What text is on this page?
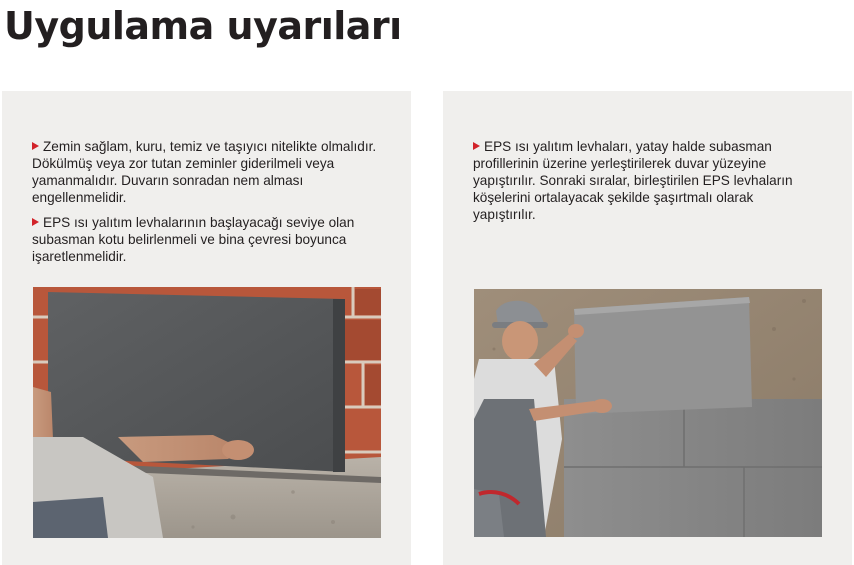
Uygulama uyarıları

Zemin sağlam, kuru, temiz ve taşıyıcı nitelikte olmalıdır. Dökülmüş veya zor tutan zeminler giderilmeli veya yamanmalıdır. Duvarın sonradan nem alması engellenmelidir.

EPS ısı yalıtım levhalarının başlayacağı seviye olan subasman kotu belirlenmeli ve bina çevresi boyunca işaretlenmelidir.

EPS ısı yalıtım levhaları, yatay halde subasman profillerinin üzerine yerleştirilerek duvar yüzeyine yapıştırılır. Sonraki sıralar, birleştirilen EPS levhaların köşelerini ortalayacak şekilde şaşırtmalı olarak yapıştırılır.
